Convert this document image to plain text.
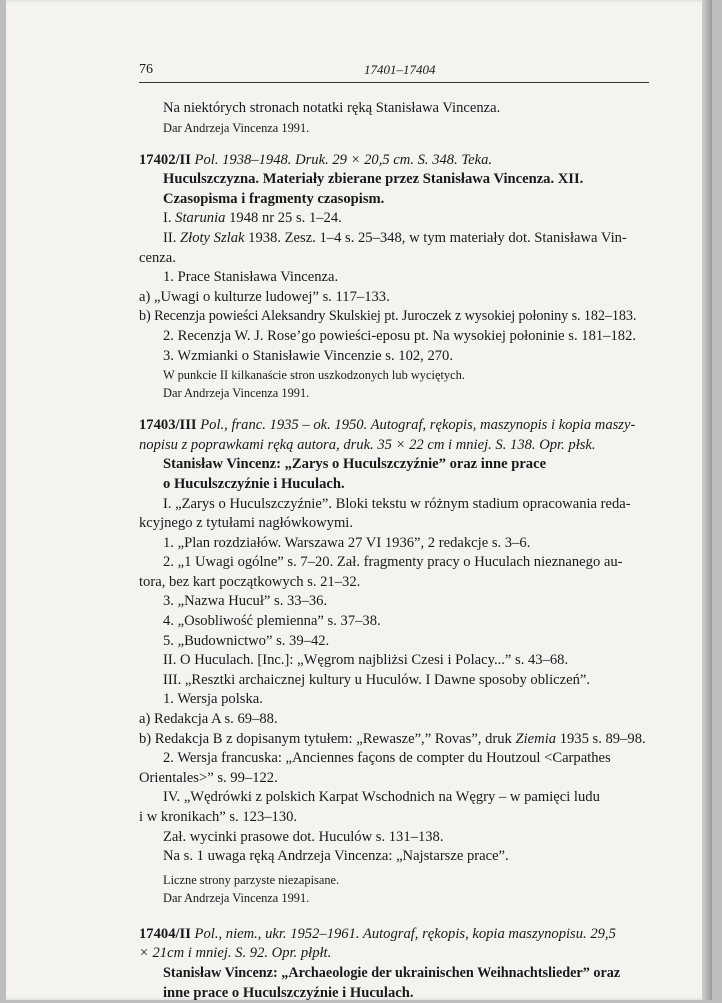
76	17401–17404
Na niektórych stronach notatki ręką Stanisława Vincenza.
Dar Andrzeja Vincenza 1991.
17402/II Pol. 1938–1948. Druk. 29 × 20,5 cm. S. 348. Teka.
Huculszczyzna. Materiały zbierane przez Stanisława Vincenza. XII.
Czasopisma i fragmenty czasopism.
I. Starunia 1948 nr 25 s. 1–24.
II. Złoty Szlak 1938. Zesz. 1–4 s. 25–348, w tym materiały dot. Stanisława Vin-
cenza.
1. Prace Stanisława Vincenza.
a) „Uwagi o kulturze ludowej” s. 117–133.
b) Recenzja powieści Aleksandry Skulskiej pt. Juroczek z wysokiej połoniny s. 182–183.
2. Recenzja W. J. Rose’go powieści-eposu pt. Na wysokiej połoninie s. 181–182.
3. Wzmianki o Stanisławie Vincenzie s. 102, 270.
W punkcie II kilkanaście stron uszkodzonych lub wyciętych.
Dar Andrzeja Vincenza 1991.
17403/III Pol., franc. 1935 – ok. 1950. Autograf, rękopis, maszynopis i kopia maszy-
nopisu z poprawkami ręką autora, druk. 35 × 22 cm i mniej. S. 138. Opr. płsk.
Stanisław Vincenz: „Zarys o Huculszczyźnie” oraz inne prace
o Huculszczyźnie i Huculach.
I. „Zarys o Huculszczyźnie”. Bloki tekstu w różnym stadium opracowania reda-
kcyjnego z tytułami nagłówkowymi.
1. „Plan rozdziałów. Warszawa 27 VI 1936”, 2 redakcje s. 3–6.
2. „1 Uwagi ogólne” s. 7–20. Zał. fragmenty pracy o Huculach nieznanego au-
tora, bez kart początkowych s. 21–32.
3. „Nazwa Hucuł” s. 33–36.
4. „Osobliwość plemienna” s. 37–38.
5. „Budownictwo” s. 39–42.
II. O Huculach. [Inc.]: „Węgrom najbliżsi Czesi i Polacy...” s. 43–68.
III. „Resztki archaicznej kultury u Huculów. I Dawne sposoby obliczeń”.
1. Wersja polska.
a) Redakcja A s. 69–88.
b) Redakcja B z dopisanym tytułem: „Rewasze”,” Rovas”, druk Ziemia 1935 s. 89–98.
2. Wersja francuska: „Anciennes façons de compter du Houtzoul <Carpathes
Orientales>” s. 99–122.
IV. „Wędrówki z polskich Karpat Wschodnich na Węgry – w pamięci ludu
i w kronikach” s. 123–130.
Zał. wycinki prasowe dot. Huculów s. 131–138.
Na s. 1 uwaga ręką Andrzeja Vincenza: „Najstarsze prace”.
Liczne strony parzyste niezapisane.
Dar Andrzeja Vincenza 1991.
17404/II Pol., niem., ukr. 1952–1961. Autograf, rękopis, kopia maszynopisu. 29,5
× 21cm i mniej. S. 92. Opr. płpłt.
Stanisław Vincenz: „Archaeologie der ukrainischen Weihnachtslieder” oraz
inne prace o Huculszczyźnie i Huculach.
